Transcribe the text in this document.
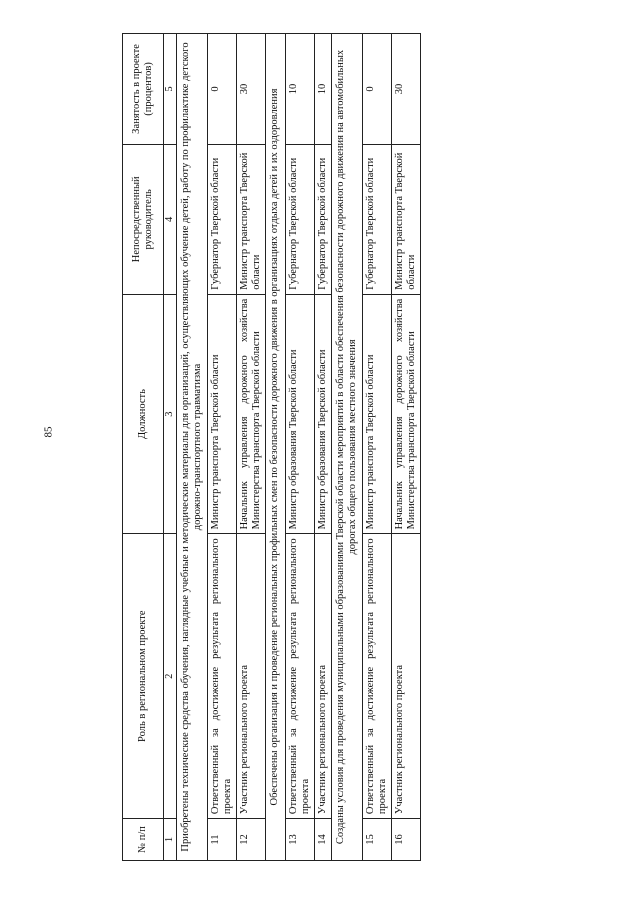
85
№ п/п	Роль в региональном проекте	Должность	Непосредственный руководитель	Занятость в проекте (процентов)
1	2	3	4	5
Приобретены технические средства обучения, наглядные учебные и методические материалы для организаций, осуществляющих обучение детей, работу по профилактике детского дорожно-транспортного травматизма				
11	Ответственный за достижение результата регионального проекта	Министр транспорта Тверской области	Губернатор Тверской области	0
12	Участник регионального проекта	Начальник управления дорожного хозяйства Министерства транспорта Тверской области	Министр транспорта Тверской области	30
Обеспечены организация и проведение региональных профильных смен по безопасности дорожного движения в организациях отдыха детей и их оздоровления				
13	Ответственный за достижение результата регионального проекта	Министр образования Тверской области	Губернатор Тверской области	10
14	Участник регионального проекта	Министр образования Тверской области	Губернатор Тверской области	10
Созданы условия для проведения муниципальными образованиями Тверской области мероприятий в области обеспечения безопасности дорожного движения на автомобильных дорогах общего пользования местного значения				
15	Ответственный за достижение результата регионального проекта	Министр транспорта Тверской области	Губернатор Тверской области	0
16	Участник регионального проекта	Начальник управления дорожного хозяйства Министерства транспорта Тверской области	Министр транспорта Тверской области	30
